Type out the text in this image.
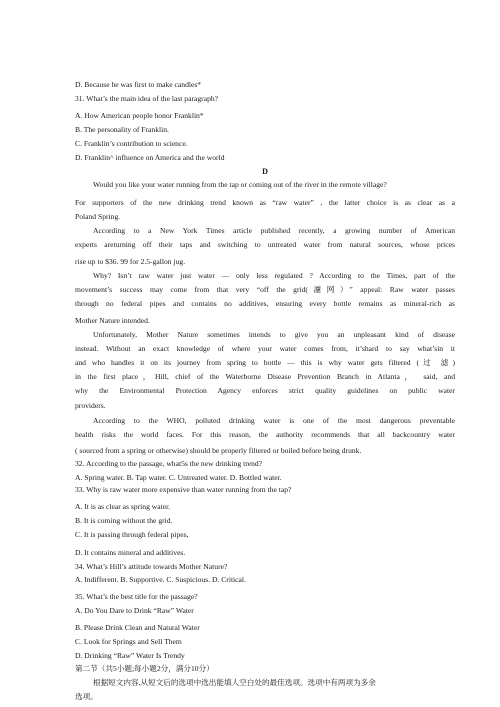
D. Because he was first to make candles*
31. What’s the main idea of the last paragraph?
A. How American people honor Franklin*
B. The personality of Franklin.
C. Franklin’s contribution to science.
D. Franklin^ influence on America and the world
D
Would you like your water running from the tap or coming out of the river in the remote village?
For supporters of the new drinking trend known as “raw water” , the latter choice is as clear as a
Poland Spring.
According to a New York Times article published recently, a growing number of American
experts areturning off their taps and switching to untreated water from natural sources, whose prices
rise up to $36. 99 for 2.5-gallon jug.
Why? Isn’t raw water just water — only less regulated ? According to the Times, part of the
movement’s success may come from that very “off the grid(濾网）” appeal: Raw water passes
through no federal pipes and contains no additives, ensuring every bottle remains as mineral-rich as
Mother Nature intended.
Unfortunately, Mother Nature sometimes intends to give you an unpleasant kind of disease
instead. Without an exact knowledge of where your water comes from, it’shard to say what’sin it
and who handles it on its journey from spring to bottle — this is why water gets filtered (过 滤)
in the first place，Hill, chief of the Waterborne Disease Prevention Branch in Atlanta， said, and
why the Environmental Protection Agency enforces strict quality guidelines on public water
providers.
According to the WHO, polluted drinking water is one of the most dangerous preventable
health risks the world faces. For this reason, the authority recommends that all backcountry water
( sourced from a spring or otherwise) should be properly filtered or boiled before being drunk.
32. According to the passage, what5s the new drinking trend?
A. Spring water. B. Tap water. C. Untreated water. D. Bottled water.
33. Why is raw water more expensive than water running from the tap?
A. It is as clear as spring water.
B. It is coming without the grid.
C. It is passing through federal pipes,
D. It contains mineral and additives.
34. What’s Hill’s attitude towards Mother Nature?
A. Indifferent. B. Supportive. C. Suspicious. D. Critical.
35. What’s the best title for the passage?
A. Do You Dare to Drink “Raw” Water
B. Please Drink Clean and Natural Water
C. Look for Springs and Sell Them
D. Drinking “Raw” Water Is Trendy
第二节（共5小题;每小题2分，满分10分）
根据短文内容,从短文后的选项中选出能填人空白处的最佳选项。选项中有两项为多余
选项。
